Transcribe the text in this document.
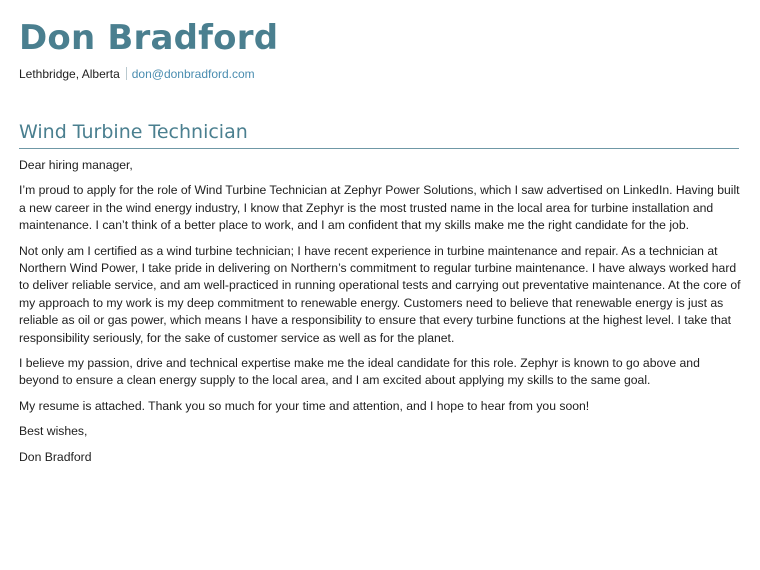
Don Bradford
Lethbridge, Alberta don@donbradford.com
Wind Turbine Technician

Dear hiring manager,

I’m proud to apply for the role of Wind Turbine Technician at Zephyr Power Solutions, which I saw advertised on LinkedIn. Having built a new career in the wind energy industry, I know that Zephyr is the most trusted name in the local area for turbine installation and maintenance. I can’t think of a better place to work, and I am confident that my skills make me the right candidate for the job.

Not only am I certified as a wind turbine technician; I have recent experience in turbine maintenance and repair. As a technician at Northern Wind Power, I take pride in delivering on Northern’s commitment to regular turbine maintenance. I have always worked hard to deliver reliable service, and am well-practiced in running operational tests and carrying out preventative maintenance. At the core of my approach to my work is my deep commitment to renewable energy. Customers need to believe that renewable energy is just as reliable as oil or gas power, which means I have a responsibility to ensure that every turbine functions at the highest level. I take that responsibility seriously, for the sake of customer service as well as for the planet.

I believe my passion, drive and technical expertise make me the ideal candidate for this role. Zephyr is known to go above and beyond to ensure a clean energy supply to the local area, and I am excited about applying my skills to the same goal.

My resume is attached. Thank you so much for your time and attention, and I hope to hear from you soon!

Best wishes,

Don Bradford
